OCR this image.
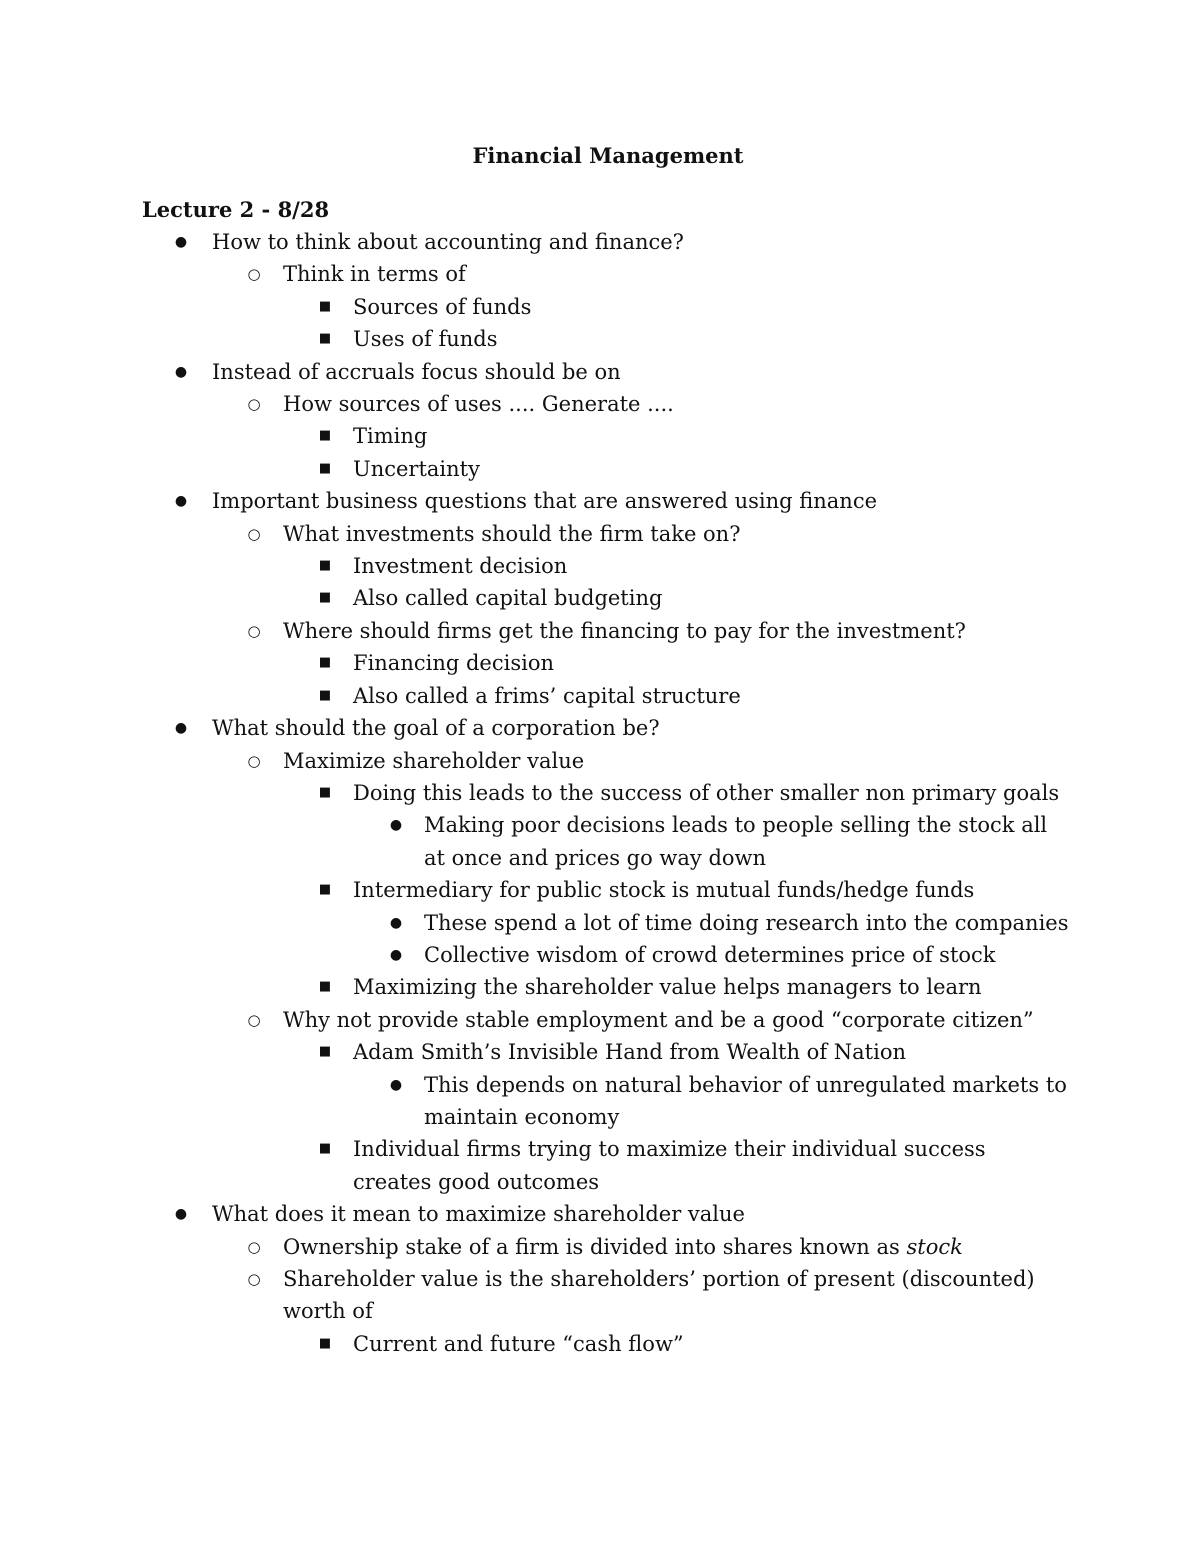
Financial Management
Lecture 2 - 8/28
●	How to think about accounting and finance?
○	Think in terms of
■	Sources of funds
■	Uses of funds
●	Instead of accruals focus should be on
○	How sources of uses .... Generate ....
■	Timing
■	Uncertainty
●	Important business questions that are answered using finance
○	What investments should the firm take on?
■	Investment decision
■	Also called capital budgeting
○	Where should firms get the financing to pay for the investment?
■	Financing decision
■	Also called a frims’ capital structure
●	What should the goal of a corporation be?
○	Maximize shareholder value
■	Doing this leads to the success of other smaller non primary goals
●	Making poor decisions leads to people selling the stock all at once and prices go way down
■	Intermediary for public stock is mutual funds/hedge funds
●	These spend a lot of time doing research into the companies
●	Collective wisdom of crowd determines price of stock
■	Maximizing the shareholder value helps managers to learn
○	Why not provide stable employment and be a good “corporate citizen”
■	Adam Smith’s Invisible Hand from Wealth of Nation
●	This depends on natural behavior of unregulated markets to maintain economy
■	Individual firms trying to maximize their individual success creates good outcomes
●	What does it mean to maximize shareholder value
○	Ownership stake of a firm is divided into shares known as stock
○	Shareholder value is the shareholders’ portion of present (discounted) worth of
■	Current and future “cash flow”
